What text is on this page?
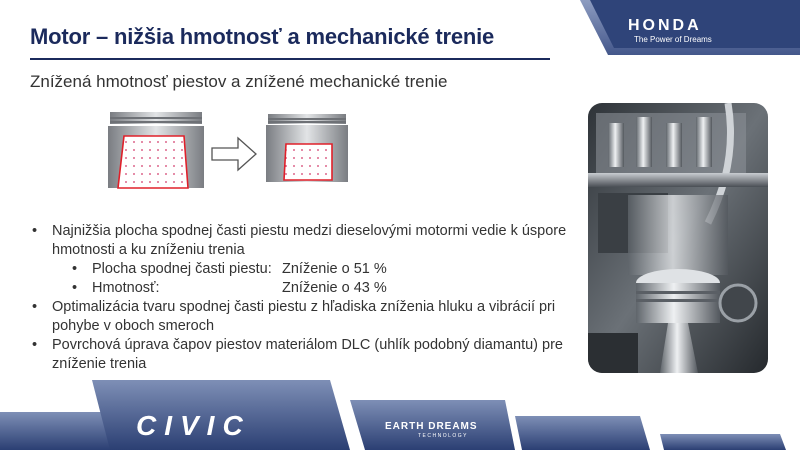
HONDA
The Power of Dreams
Motor – nižšia hmotnosť a mechanické trenie
Znížená hmotnosť piestov a znížené mechanické trenie
• Najnižšia plocha spodnej časti piestu medzi dieselovými motormi vedie k úspore hmotnosti a ku zníženiu trenia
• Plocha spodnej časti piestu: Zníženie o 51 %
• Hmotnosť:	Zníženie o 43 %
• Optimalizácia tvaru spodnej časti piestu z hľadiska zníženia hluku a vibrácií pri pohybe v oboch smeroch
• Povrchová úprava čapov piestov materiálom DLC (uhlík podobný diamantu) pre zníženie trenia
CIVIC	EARTH DREAMS
TECHNOLOGY
